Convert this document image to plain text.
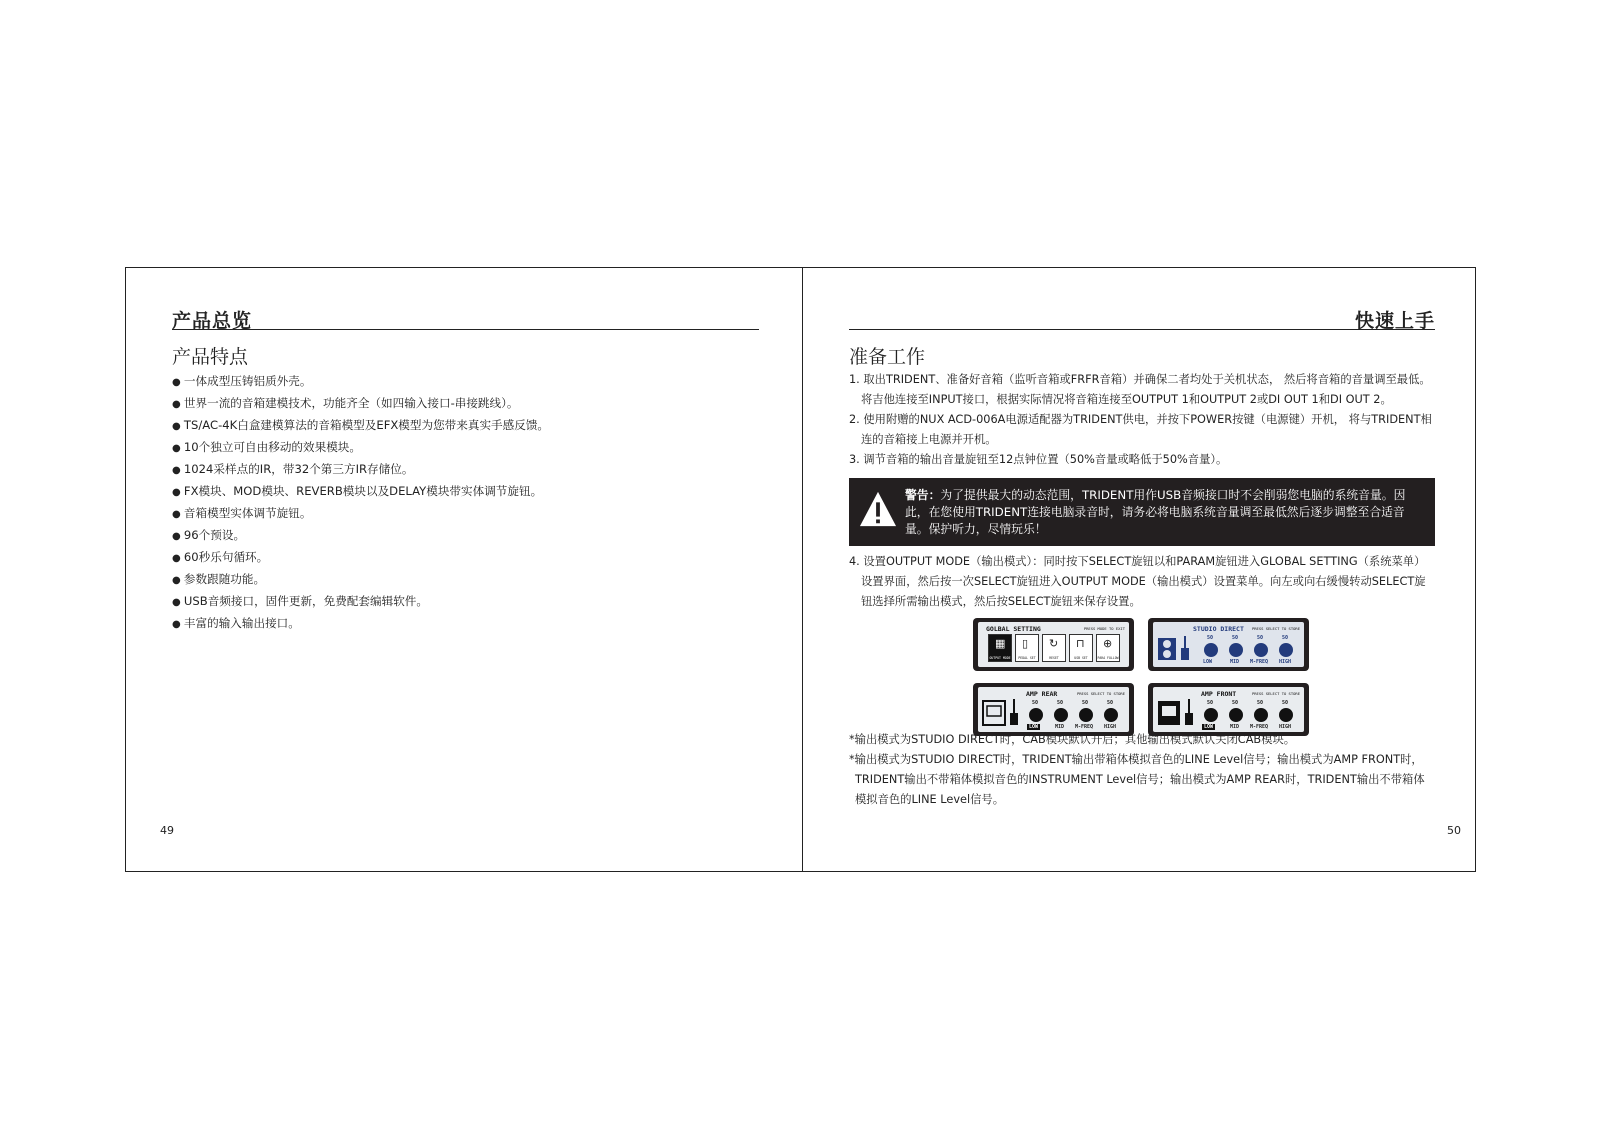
产品总览
产品特点
● 一体成型压铸铝质外壳。
● 世界一流的音箱建模技术，功能齐全（如四输入接口-串接跳线）。
● TS/AC-4K白盒建模算法的音箱模型及EFX模型为您带来真实手感反馈。
● 10个独立可自由移动的效果模块。
● 1024采样点的IR，带32个第三方IR存储位。
● FX模块、MOD模块、REVERB模块以及DELAY模块带实体调节旋钮。
● 音箱模型实体调节旋钮。
● 96个预设。
● 60秒乐句循环。
● 参数跟随功能。
● USB音频接口，固件更新，免费配套编辑软件。
● 丰富的输入输出接口。
49
快速上手
准备工作

1. 取出TRIDENT、准备好音箱（监听音箱或FRFR音箱）并确保二者均处于关机状态， 然后将音箱的音量调至最低。将吉他连接至INPUT接口，根据实际情况将音箱连接至OUTPUT 1和OUTPUT 2或DI OUT 1和DI OUT 2。

2. 使用附赠的NUX ACD-006A电源适配器为TRIDENT供电，并按下POWER按键（电源键）开机， 将与TRIDENT相连的音箱接上电源并开机。

3. 调节音箱的输出音量旋钮至12点钟位置（50%音量或略低于50%音量）。

警告：为了提供最大的动态范围，TRIDENT用作USB音频接口时不会削弱您电脑的系统音量。因此，在您使用TRIDENT连接电脑录音时，请务必将电脑系统音量调至最低然后逐步调整至合适音量。保护听力，尽情玩乐！

4. 设置OUTPUT MODE（输出模式）：同时按下SELECT旋钮以和PARAM旋钮进入GLOBAL SETTING（系统菜单）设置界面，然后按一次SELECT旋钮进入OUTPUT MODE（输出模式）设置菜单。向左或向右缓慢转动SELECT旋钮选择所需输出模式，然后按SELECT旋钮来保存设置。

GOLBAL SETTING	PRESS MODE TO EXIT
▦
OUTPUT MODE
▯
PEDAL SET
↻
RESET
⊓
USB SET
⊕
PARA FOLLOW
STUDIO DIRECT PRESS SELECT TO STORE
50	50	50	50
LOW	MID M-FREQ HIGH
AMP REAR	PRESS SELECT TO STORE
50	50	50	50
LOW	MID M-FREQ HIGH
AMP FRONT	PRESS SELECT TO STORE
50	50	50	50
LOW	MID M-FREQ HIGH

*输出模式为STUDIO DIRECT时，CAB模块默认开启；其他输出模式默认关闭CAB模块。

*输出模式为STUDIO DIRECT时，TRIDENT输出带箱体模拟音色的LINE Level信号；输出模式为AMP FRONT时，TRIDENT输出不带箱体模拟音色的INSTRUMENT Level信号；输出模式为AMP REAR时，TRIDENT输出不带箱体模拟音色的LINE Level信号。

50
